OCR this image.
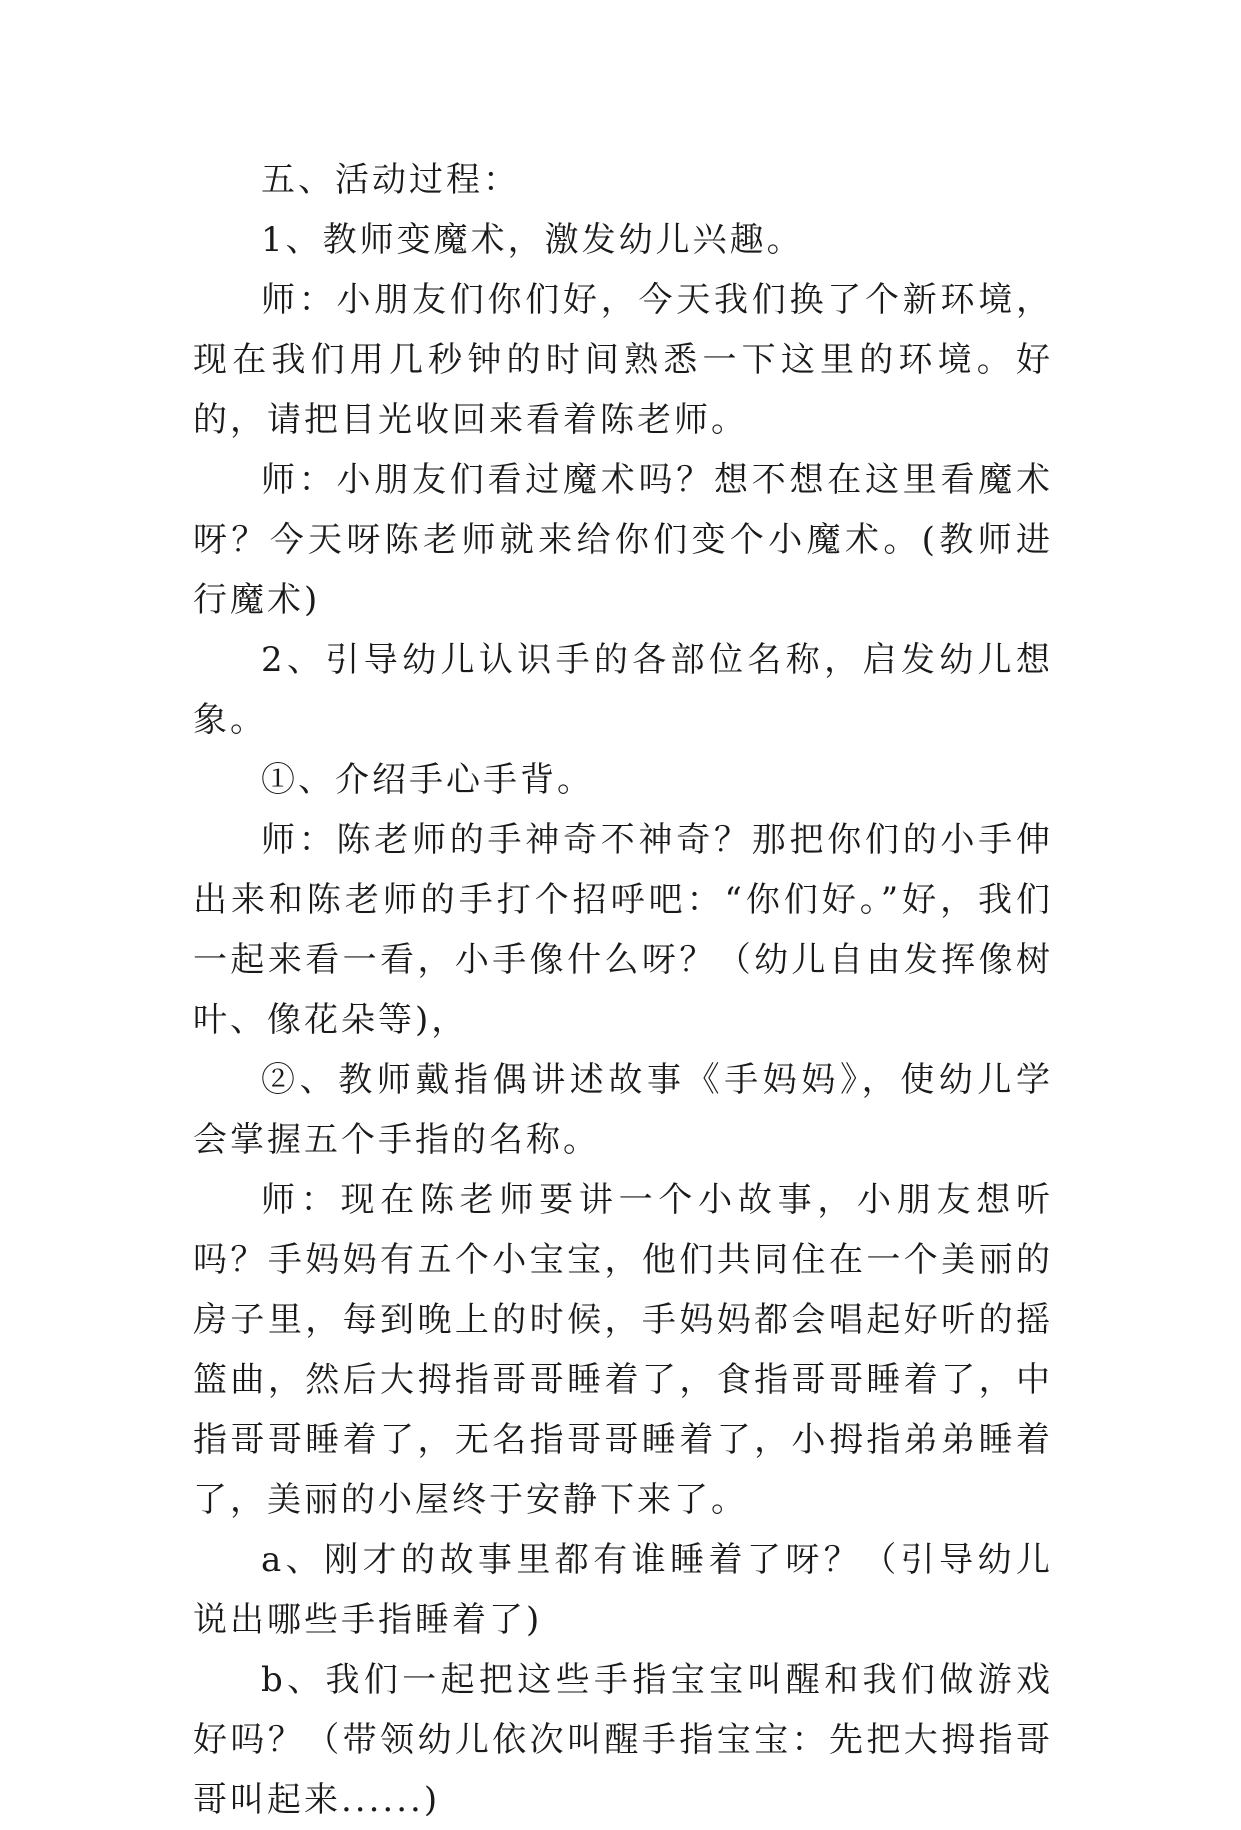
五、活动过程：

1、教师变魔术，激发幼儿兴趣。

师：小朋友们你们好，今天我们换了个新环境，现在我们用几秒钟的时间熟悉一下这里的环境。好的，请把目光收回来看着陈老师。

师：小朋友们看过魔术吗？想不想在这里看魔术呀？今天呀陈老师就来给你们变个小魔术。(教师进行魔术)

2、引导幼儿认识手的各部位名称，启发幼儿想象。

①、介绍手心手背。

师：陈老师的手神奇不神奇？那把你们的小手伸出来和陈老师的手打个招呼吧：“你们好。”好，我们一起来看一看，小手像什么呀？（幼儿自由发挥像树叶、像花朵等)，

②、教师戴指偶讲述故事《手妈妈》，使幼儿学会掌握五个手指的名称。

师：现在陈老师要讲一个小故事，小朋友想听吗？手妈妈有五个小宝宝，他们共同住在一个美丽的房子里，每到晚上的时候，手妈妈都会唱起好听的摇篮曲，然后大拇指哥哥睡着了，食指哥哥睡着了，中指哥哥睡着了，无名指哥哥睡着了，小拇指弟弟睡着了，美丽的小屋终于安静下来了。

a、刚才的故事里都有谁睡着了呀？（引导幼儿说出哪些手指睡着了)

b、我们一起把这些手指宝宝叫醒和我们做游戏好吗？（带领幼儿依次叫醒手指宝宝：先把大拇指哥哥叫起来......)
